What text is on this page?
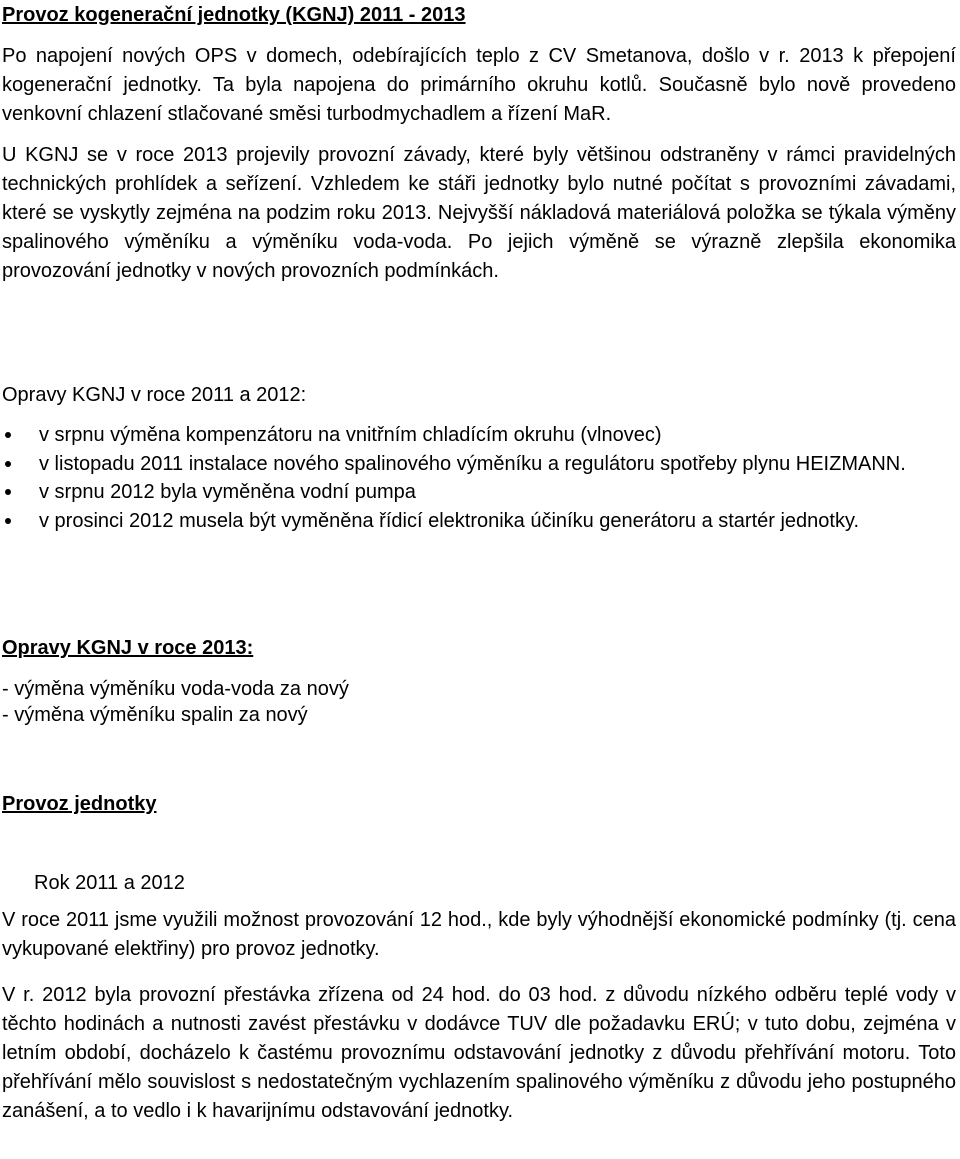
Provoz kogenerační jednotky (KGNJ) 2011 - 2013

Po napojení nových OPS v domech, odebírajících teplo z CV Smetanova, došlo v r. 2013 k přepojení kogenerační jednotky. Ta byla napojena do primárního okruhu kotlů. Současně bylo nově provedeno venkovní chlazení stlačované směsi turbodmychadlem a řízení MaR.

U KGNJ se v roce 2013 projevily provozní závady, které byly většinou odstraněny v rámci pravidelných technických prohlídek a seřízení. Vzhledem ke stáři jednotky bylo nutné počítat s provozními závadami, které se vyskytly zejména na podzim roku 2013. Nejvyšší nákladová materiálová položka se týkala výměny spalinového výměníku a výměníku voda-voda. Po jejich výměně se výrazně zlepšila ekonomika provozování jednotky v nových provozních podmínkách.

Opravy KGNJ v roce 2011 a 2012:
v srpnu výměna kompenzátoru na vnitřním chladícím okruhu (vlnovec)
v listopadu 2011 instalace nového spalinového výměníku a regulátoru spotřeby plynu HEIZMANN.
v srpnu 2012 byla vyměněna vodní pumpa
v prosinci 2012 musela být vyměněna řídicí elektronika účiníku generátoru a startér jednotky.
Opravy KGNJ v roce 2013:

- výměna výměníku voda-voda za nový

- výměna výměníku spalin za nový

Provoz jednotky
Rok 2011 a 2012

V roce 2011 jsme využili možnost provozování 12 hod., kde byly výhodnější ekonomické podmínky (tj. cena vykupované elektřiny) pro provoz jednotky.

V r. 2012 byla provozní přestávka zřízena od 24 hod. do 03 hod. z důvodu nízkého odběru teplé vody v těchto hodinách a nutnosti zavést přestávku v dodávce TUV dle požadavku ERÚ; v tuto dobu, zejména v letním období, docházelo k častému provoznímu odstavování jednotky z důvodu přehřívání motoru. Toto přehřívání mělo souvislost s nedostatečným vychlazením spalinového výměníku z důvodu jeho postupného zanášení, a to vedlo i k havarijnímu odstavování jednotky.
